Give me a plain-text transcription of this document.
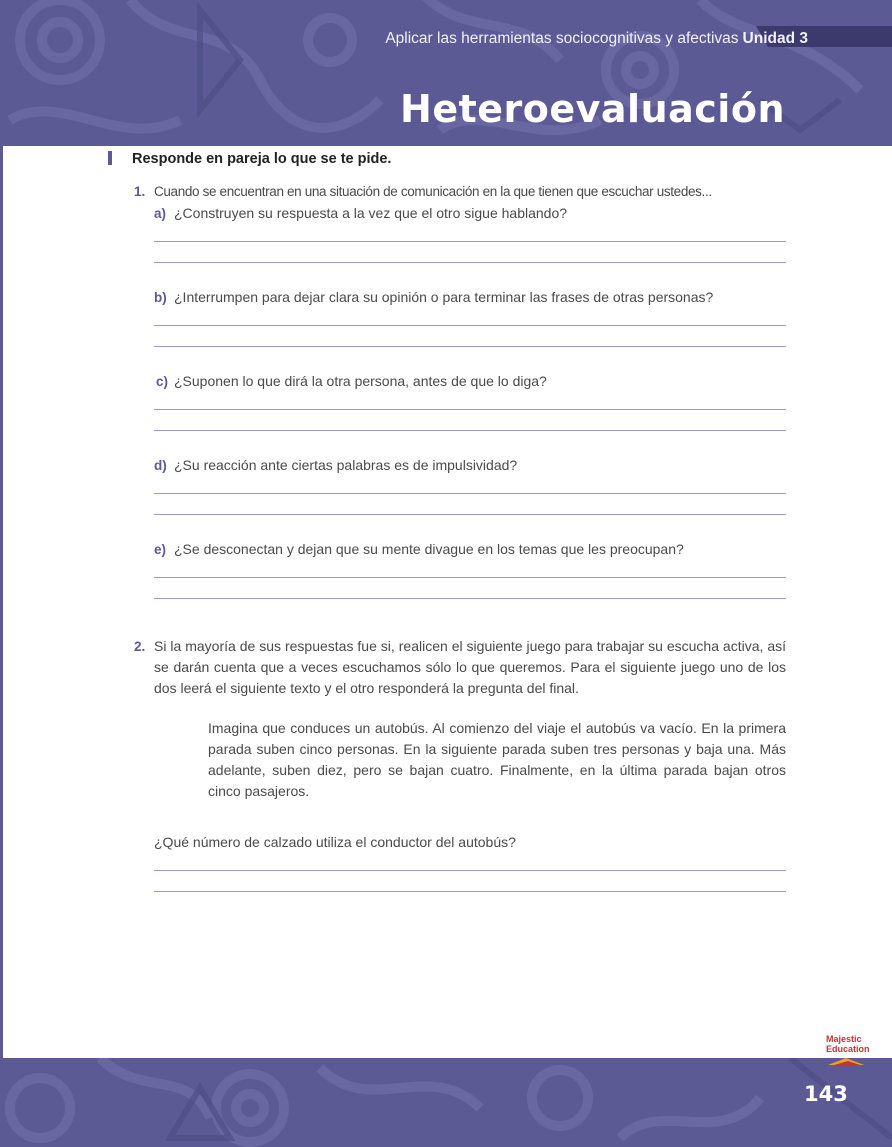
Aplicar las herramientas sociocognitivas y afectivas Unidad 3
Heteroevaluación
Responde en pareja lo que se te pide.
1. Cuando se encuentran en una situación de comunicación en la que tienen que escuchar ustedes...
a) ¿Construyen su respuesta a la vez que el otro sigue hablando?
b) ¿Interrumpen para dejar clara su opinión o para terminar las frases de otras personas?
c) ¿Suponen lo que dirá la otra persona, antes de que lo diga?
d) ¿Su reacción ante ciertas palabras es de impulsividad?
e) ¿Se desconectan y dejan que su mente divague en los temas que les preocupan?
2. Si la mayoría de sus respuestas fue si, realicen el siguiente juego para trabajar su escucha activa, así se darán cuenta que a veces escuchamos sólo lo que queremos. Para el siguiente juego uno de los dos leerá el siguiente texto y el otro responderá la pregunta del final.
Imagina que conduces un autobús. Al comienzo del viaje el autobús va vacío. En la primera parada suben cinco personas. En la siguiente parada suben tres personas y baja una. Más adelante, suben diez, pero se bajan cuatro. Finalmente, en la última parada bajan otros cinco pasajeros.
¿Qué número de calzado utiliza el conductor del autobús?
Majestic
Education
143
